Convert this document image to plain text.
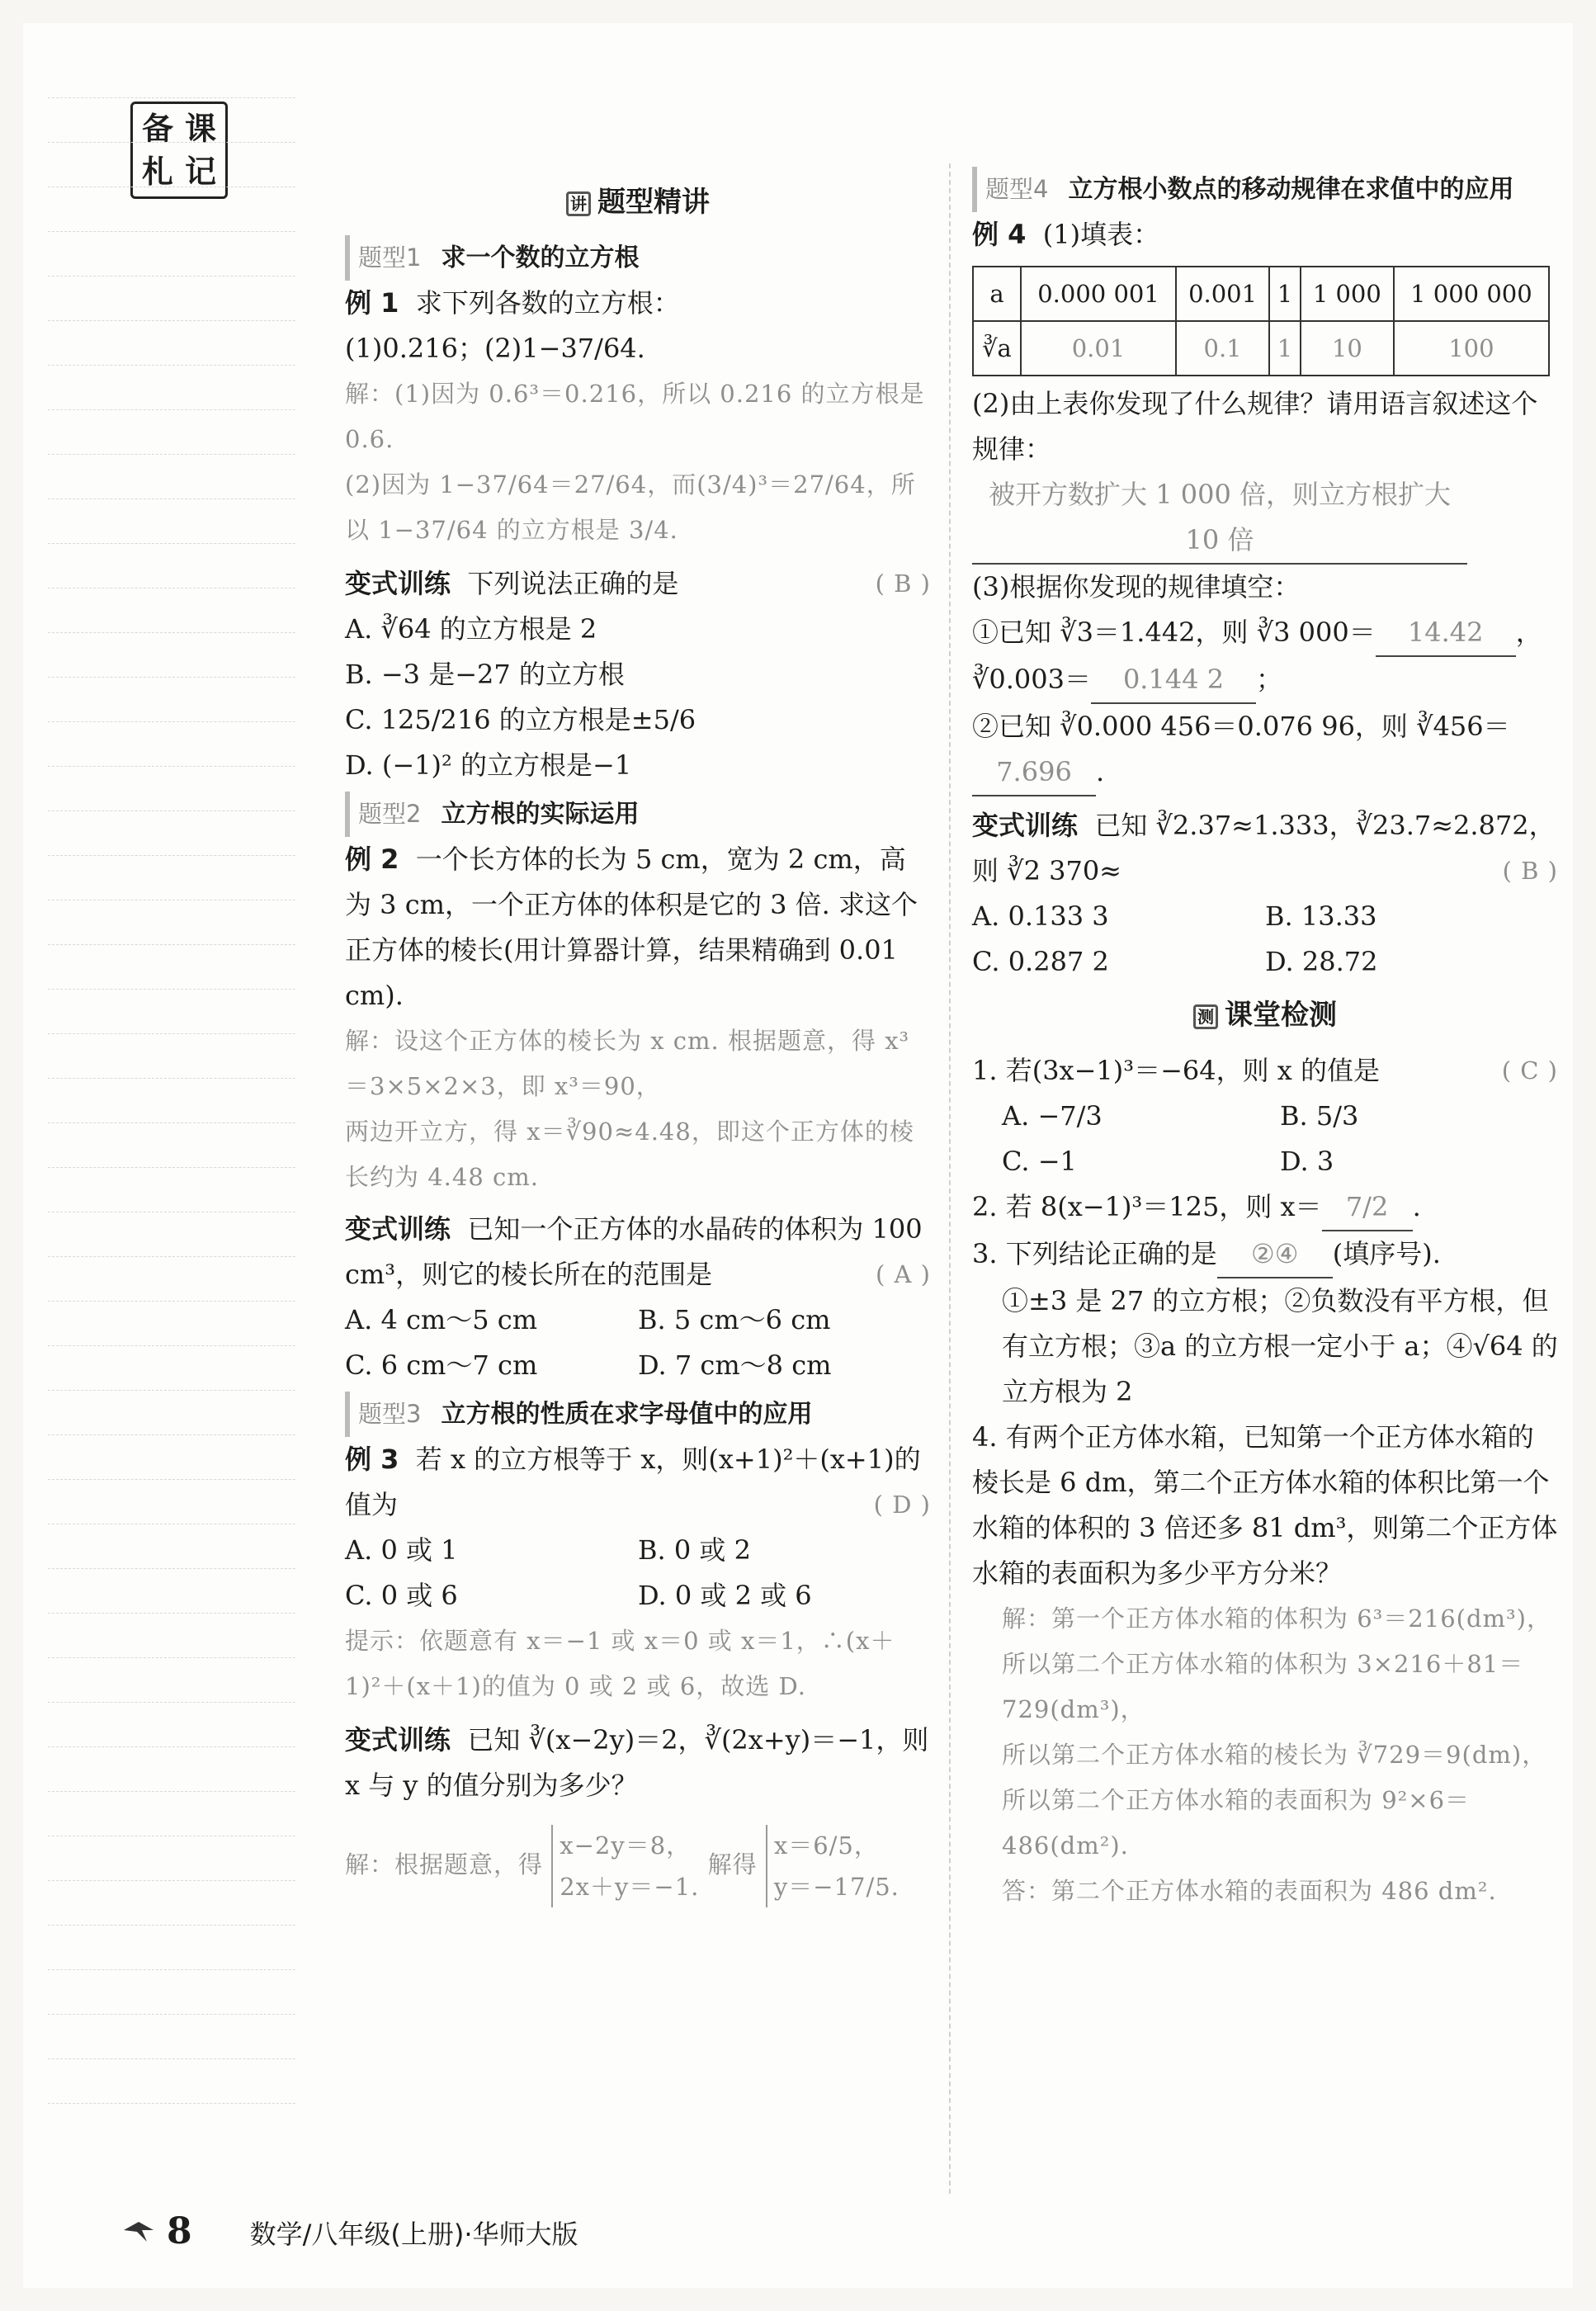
备 课
札 记
讲 题型精讲
题型1 求一个数的立方根
例 1 求下列各数的立方根：
(1)0.216；(2)1−37/64.
解：(1)因为 0.6³＝0.216，所以 0.216 的立方根是 0.6.
(2)因为 1−37/64＝27/64，而(3/4)³＝27/64，所以 1−37/64 的立方根是 3/4.
变式训练 下列说法正确的是	( B )
A. ∛64 的立方根是 2
B. −3 是−27 的立方根
C. 125/216 的立方根是±5/6
D. (−1)² 的立方根是−1
题型2 立方根的实际运用
例 2 一个长方体的长为 5 cm，宽为 2 cm，高为 3 cm，一个正方体的体积是它的 3 倍. 求这个正方体的棱长(用计算器计算，结果精确到 0.01 cm).
解：设这个正方体的棱长为 x cm. 根据题意，得 x³＝3×5×2×3，即 x³＝90，
两边开立方，得 x＝∛90≈4.48，即这个正方体的棱长约为 4.48 cm.
变式训练 已知一个正方体的水晶砖的体积为 100 cm³，则它的棱长所在的范围是	( A )
A. 4 cm～5 cm	B. 5 cm～6 cm
C. 6 cm～7 cm	D. 7 cm～8 cm
题型3 立方根的性质在求字母值中的应用
例 3 若 x 的立方根等于 x，则(x+1)²＋(x+1)的值为	( D )
A. 0 或 1	B. 0 或 2
C. 0 或 6	D. 0 或 2 或 6
提示：依题意有 x＝−1 或 x＝0 或 x＝1，∴(x＋1)²＋(x＋1)的值为 0 或 2 或 6，故选 D.
变式训练 已知 ∛(x−2y)＝2，∛(2x+y)＝−1，则 x 与 y 的值分别为多少？
解：根据题意，得
x−2y＝8，
2x＋y＝−1.
解得
x＝6/5，
y＝−17/5.
题型4 立方根小数点的移动规律在求值中的应用
例 4 (1)填表：
a	0.000 001	0.001	1	1 000	1 000 000
∛a	0.01	0.1	1	10	100
(2)由上表你发现了什么规律？请用语言叙述这个规律：
被开方数扩大 1 000 倍，则立方根扩大 10 倍
(3)根据你发现的规律填空：
①已知 ∛3＝1.442，则 ∛3 000＝ 14.42 ，
∛0.003＝ 0.144 2 ；
②已知 ∛0.000 456＝0.076 96，则 ∛456＝7.696 .
变式训练 已知 ∛2.37≈1.333，∛23.7≈2.872，则 ∛2 370≈	( B )
A. 0.133 3	B. 13.33
C. 0.287 2	D. 28.72
测 课堂检测
1. 若(3x−1)³＝−64，则 x 的值是	( C )
A. −7/3	B. 5/3
C. −1	D. 3
2. 若 8(x−1)³＝125，则 x＝ 7/2 .
3. 下列结论正确的是 ②④ (填序号).
①±3 是 27 的立方根；②负数没有平方根，但有立方根；③a 的立方根一定小于 a；④√64 的立方根为 2
4. 有两个正方体水箱，已知第一个正方体水箱的棱长是 6 dm，第二个正方体水箱的体积比第一个水箱的体积的 3 倍还多 81 dm³，则第二个正方体水箱的表面积为多少平方分米？
解：第一个正方体水箱的体积为 6³＝216(dm³)，
所以第二个正方体水箱的体积为 3×216＋81＝729(dm³)，
所以第二个正方体水箱的棱长为 ∛729＝9(dm)，
所以第二个正方体水箱的表面积为 9²×6＝486(dm²).
答：第二个正方体水箱的表面积为 486 dm².
8 数学/八年级(上册)·华师大版
